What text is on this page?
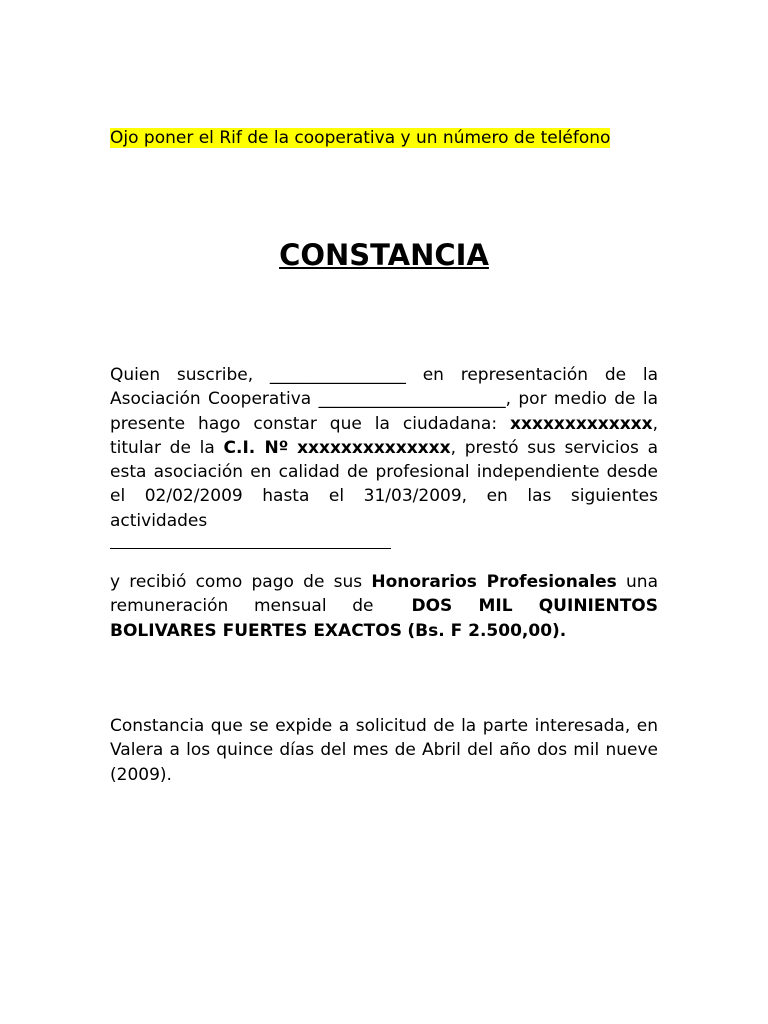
Ojo poner el Rif de la cooperativa y un número de teléfono
CONSTANCIA
Quien suscribe, ________________ en representación de la Asociación Cooperativa ______________________, por medio de la presente hago constar que la ciudadana: xxxxxxxxxxxxx, titular de la C.I. Nº xxxxxxxxxxxxxx, prestó sus servicios a esta asociación en calidad de profesional independiente desde el 02/02/2009 hasta el 31/03/2009, en las siguientes actividades
y recibió como pago de sus Honorarios Profesionales una remuneración mensual de DOS MIL QUINIENTOS BOLIVARES FUERTES EXACTOS (Bs. F 2.500,00).
Constancia que se expide a solicitud de la parte interesada, en Valera a los quince días del mes de Abril del año dos mil nueve (2009).
